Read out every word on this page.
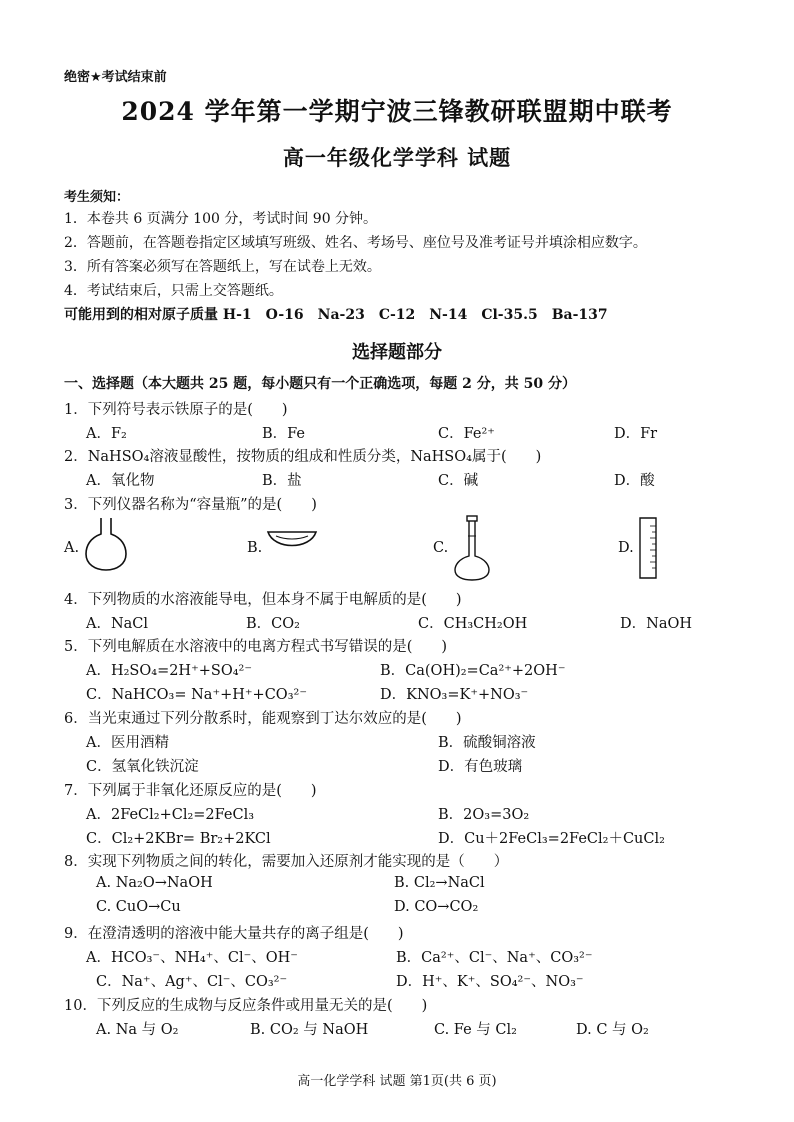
绝密★考试结束前
2024 学年第一学期宁波三锋教研联盟期中联考
高一年级化学学科 试题
考生须知：
1．本卷共 6 页满分 100 分，考试时间 90 分钟。
2．答题前，在答题卷指定区域填写班级、姓名、考场号、座位号及准考证号并填涂相应数字。
3．所有答案必须写在答题纸上，写在试卷上无效。
4．考试结束后，只需上交答题纸。
可能用到的相对原子质量 H-1　O-16　Na-23　C-12　N-14　Cl-35.5　Ba-137
选择题部分
一、选择题（本大题共 25 题，每小题只有一个正确选项，每题 2 分，共 50 分）
1．下列符号表示铁原子的是(　　)
A．F₂	B．Fe	C．Fe²⁺	D．Fr
2．NaHSO₄溶液显酸性，按物质的组成和性质分类，NaHSO₄属于(　　)
A．氧化物	B．盐	C．碱	D．酸
3．下列仪器名称为“容量瓶”的是(　　)
A.	B.	C.	D.
4．下列物质的水溶液能导电，但本身不属于电解质的是(　　)
A．NaCl	B．CO₂	C．CH₃CH₂OH	D．NaOH
5．下列电解质在水溶液中的电离方程式书写错误的是(　　)
A．H₂SO₄=2H⁺+SO₄²⁻	B．Ca(OH)₂=Ca²⁺+2OH⁻
C．NaHCO₃= Na⁺+H⁺+CO₃²⁻	D．KNO₃=K⁺+NO₃⁻
6．当光束通过下列分散系时，能观察到丁达尔效应的是(　　)
A．医用酒精	B．硫酸铜溶液
C．氢氧化铁沉淀	D．有色玻璃
7．下列属于非氧化还原反应的是(　　)
A．2FeCl₂+Cl₂=2FeCl₃	B．2O₃=3O₂
C．Cl₂+2KBr= Br₂+2KCl	D．Cu＋2FeCl₃=2FeCl₂＋CuCl₂
8．实现下列物质之间的转化，需要加入还原剂才能实现的是（　　）
A. Na₂O→NaOH	B. Cl₂→NaCl
C. CuO→Cu	D. CO→CO₂
9．在澄清透明的溶液中能大量共存的离子组是(　　)
A．HCO₃⁻、NH₄⁺、Cl⁻、OH⁻	B．Ca²⁺、Cl⁻、Na⁺、CO₃²⁻
C．Na⁺、Ag⁺、Cl⁻、CO₃²⁻	D．H⁺、K⁺、SO₄²⁻、NO₃⁻
10．下列反应的生成物与反应条件或用量无关的是(　　)
A. Na 与 O₂	B. CO₂ 与 NaOH	C. Fe 与 Cl₂	D. C 与 O₂
高一化学学科 试题 第1页(共 6 页)
